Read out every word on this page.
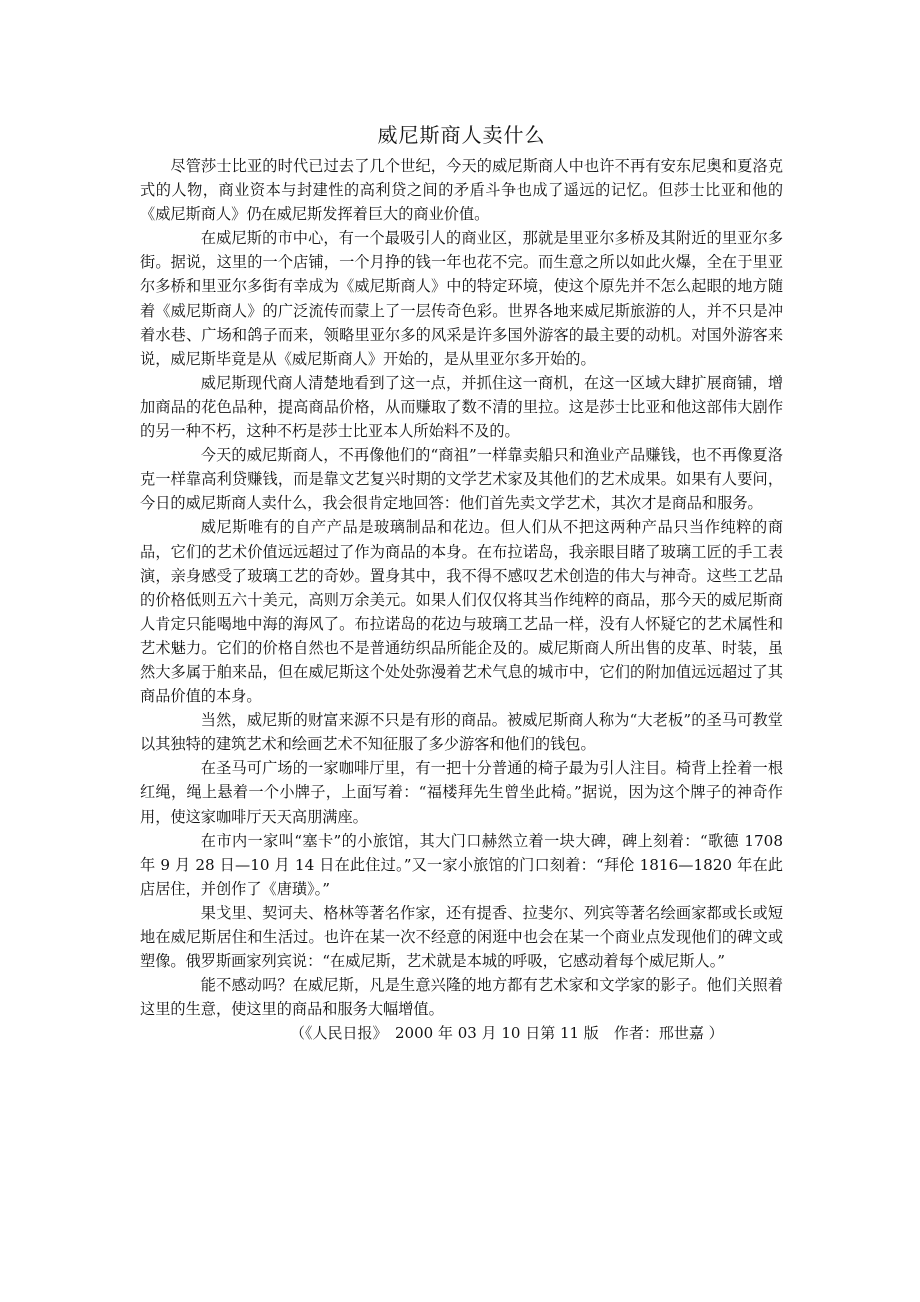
威尼斯商人卖什么

尽管莎士比亚的时代已过去了几个世纪，今天的威尼斯商人中也许不再有安东尼奥和夏洛克式的人物，商业资本与封建性的高利贷之间的矛盾斗争也成了遥远的记忆。但莎士比亚和他的《威尼斯商人》仍在威尼斯发挥着巨大的商业价值。

在威尼斯的市中心，有一个最吸引人的商业区，那就是里亚尔多桥及其附近的里亚尔多街。据说，这里的一个店铺，一个月挣的钱一年也花不完。而生意之所以如此火爆，全在于里亚尔多桥和里亚尔多街有幸成为《威尼斯商人》中的特定环境，使这个原先并不怎么起眼的地方随着《威尼斯商人》的广泛流传而蒙上了一层传奇色彩。世界各地来威尼斯旅游的人，并不只是冲着水巷、广场和鸽子而来，领略里亚尔多的风采是许多国外游客的最主要的动机。对国外游客来说，威尼斯毕竟是从《威尼斯商人》开始的，是从里亚尔多开始的。

威尼斯现代商人清楚地看到了这一点，并抓住这一商机，在这一区域大肆扩展商铺，增加商品的花色品种，提高商品价格，从而赚取了数不清的里拉。这是莎士比亚和他这部伟大剧作的另一种不朽，这种不朽是莎士比亚本人所始料不及的。

今天的威尼斯商人，不再像他们的“商祖”一样靠卖船只和渔业产品赚钱，也不再像夏洛克一样靠高利贷赚钱，而是靠文艺复兴时期的文学艺术家及其他们的艺术成果。如果有人要问，今日的威尼斯商人卖什么，我会很肯定地回答：他们首先卖文学艺术，其次才是商品和服务。

威尼斯唯有的自产产品是玻璃制品和花边。但人们从不把这两种产品只当作纯粹的商品，它们的艺术价值远远超过了作为商品的本身。在布拉诺岛，我亲眼目睹了玻璃工匠的手工表演，亲身感受了玻璃工艺的奇妙。置身其中，我不得不感叹艺术创造的伟大与神奇。这些工艺品的价格低则五六十美元，高则万余美元。如果人们仅仅将其当作纯粹的商品，那今天的威尼斯商人肯定只能喝地中海的海风了。布拉诺岛的花边与玻璃工艺品一样，没有人怀疑它的艺术属性和艺术魅力。它们的价格自然也不是普通纺织品所能企及的。威尼斯商人所出售的皮革、时装，虽然大多属于舶来品，但在威尼斯这个处处弥漫着艺术气息的城市中，它们的附加值远远超过了其商品价值的本身。

当然，威尼斯的财富来源不只是有形的商品。被威尼斯商人称为“大老板”的圣马可教堂以其独特的建筑艺术和绘画艺术不知征服了多少游客和他们的钱包。

在圣马可广场的一家咖啡厅里，有一把十分普通的椅子最为引人注目。椅背上拴着一根红绳，绳上悬着一个小牌子，上面写着：“福楼拜先生曾坐此椅。”据说，因为这个牌子的神奇作用，使这家咖啡厅天天高朋满座。

在市内一家叫“塞卡”的小旅馆，其大门口赫然立着一块大碑，碑上刻着：“歌德 1708 年 9 月 28 日—10 月 14 日在此住过。”又一家小旅馆的门口刻着：“拜伦 1816—1820 年在此店居住，并创作了《唐璜》。”

果戈里、契诃夫、格林等著名作家，还有提香、拉斐尔、列宾等著名绘画家都或长或短地在威尼斯居住和生活过。也许在某一次不经意的闲逛中也会在某一个商业点发现他们的碑文或塑像。俄罗斯画家列宾说：“在威尼斯，艺术就是本城的呼吸，它感动着每个威尼斯人。”

能不感动吗？在威尼斯，凡是生意兴隆的地方都有艺术家和文学家的影子。他们关照着这里的生意，使这里的商品和服务大幅增值。

（《人民日报》　2000 年 03 月 10 日第 11 版　作者：邢世嘉 ）
